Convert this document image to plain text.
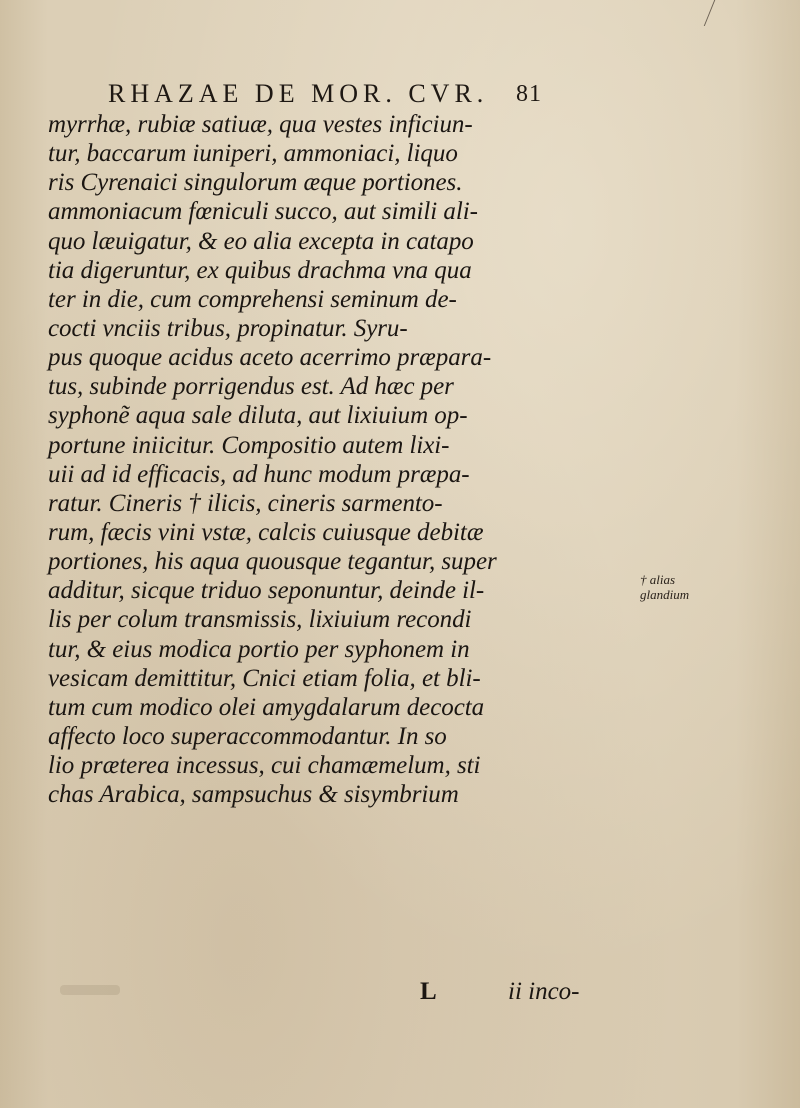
RHAZAE DE MOR. CVR. 81
myrrhæ, rubiæ satiuæ, qua vestes inficiun-
tur, baccarum iuniperi, ammoniaci, liquo
ris Cyrenaici singulorum æque portiones.
ammoniacum fœniculi succo, aut simili ali-
quo læuigatur, & eo alia excepta in catapo
tia digeruntur, ex quibus drachma vna qua
ter in die, cum comprehensi seminum de-
cocti vnciis tribus, propinatur. Syru-
pus quoque acidus aceto acerrimo præpara-
tus, subinde porrigendus est. Ad hæc per
syphonẽ aqua sale diluta, aut lixiuium op-
portune iniicitur. Compositio autem lixi-
uii ad id efficacis, ad hunc modum præpa-
ratur. Cineris † ilicis, cineris sarmento-
rum, fæcis vini vstæ, calcis cuiusque debitæ
portiones, his aqua quousque tegantur, super
additur, sicque triduo seponuntur, deinde il-
lis per colum transmissis, lixiuium recondi
tur, & eius modica portio per syphonem in
vesicam demittitur, Cnici etiam folia, et bli-
tum cum modico olei amygdalarum decocta
affecto loco superaccommodantur. In so
lio præterea incessus, cui chamæmelum, sti
chas Arabica, sampsuchus & sisymbrium
† alias
glandium
L	ii inco-
